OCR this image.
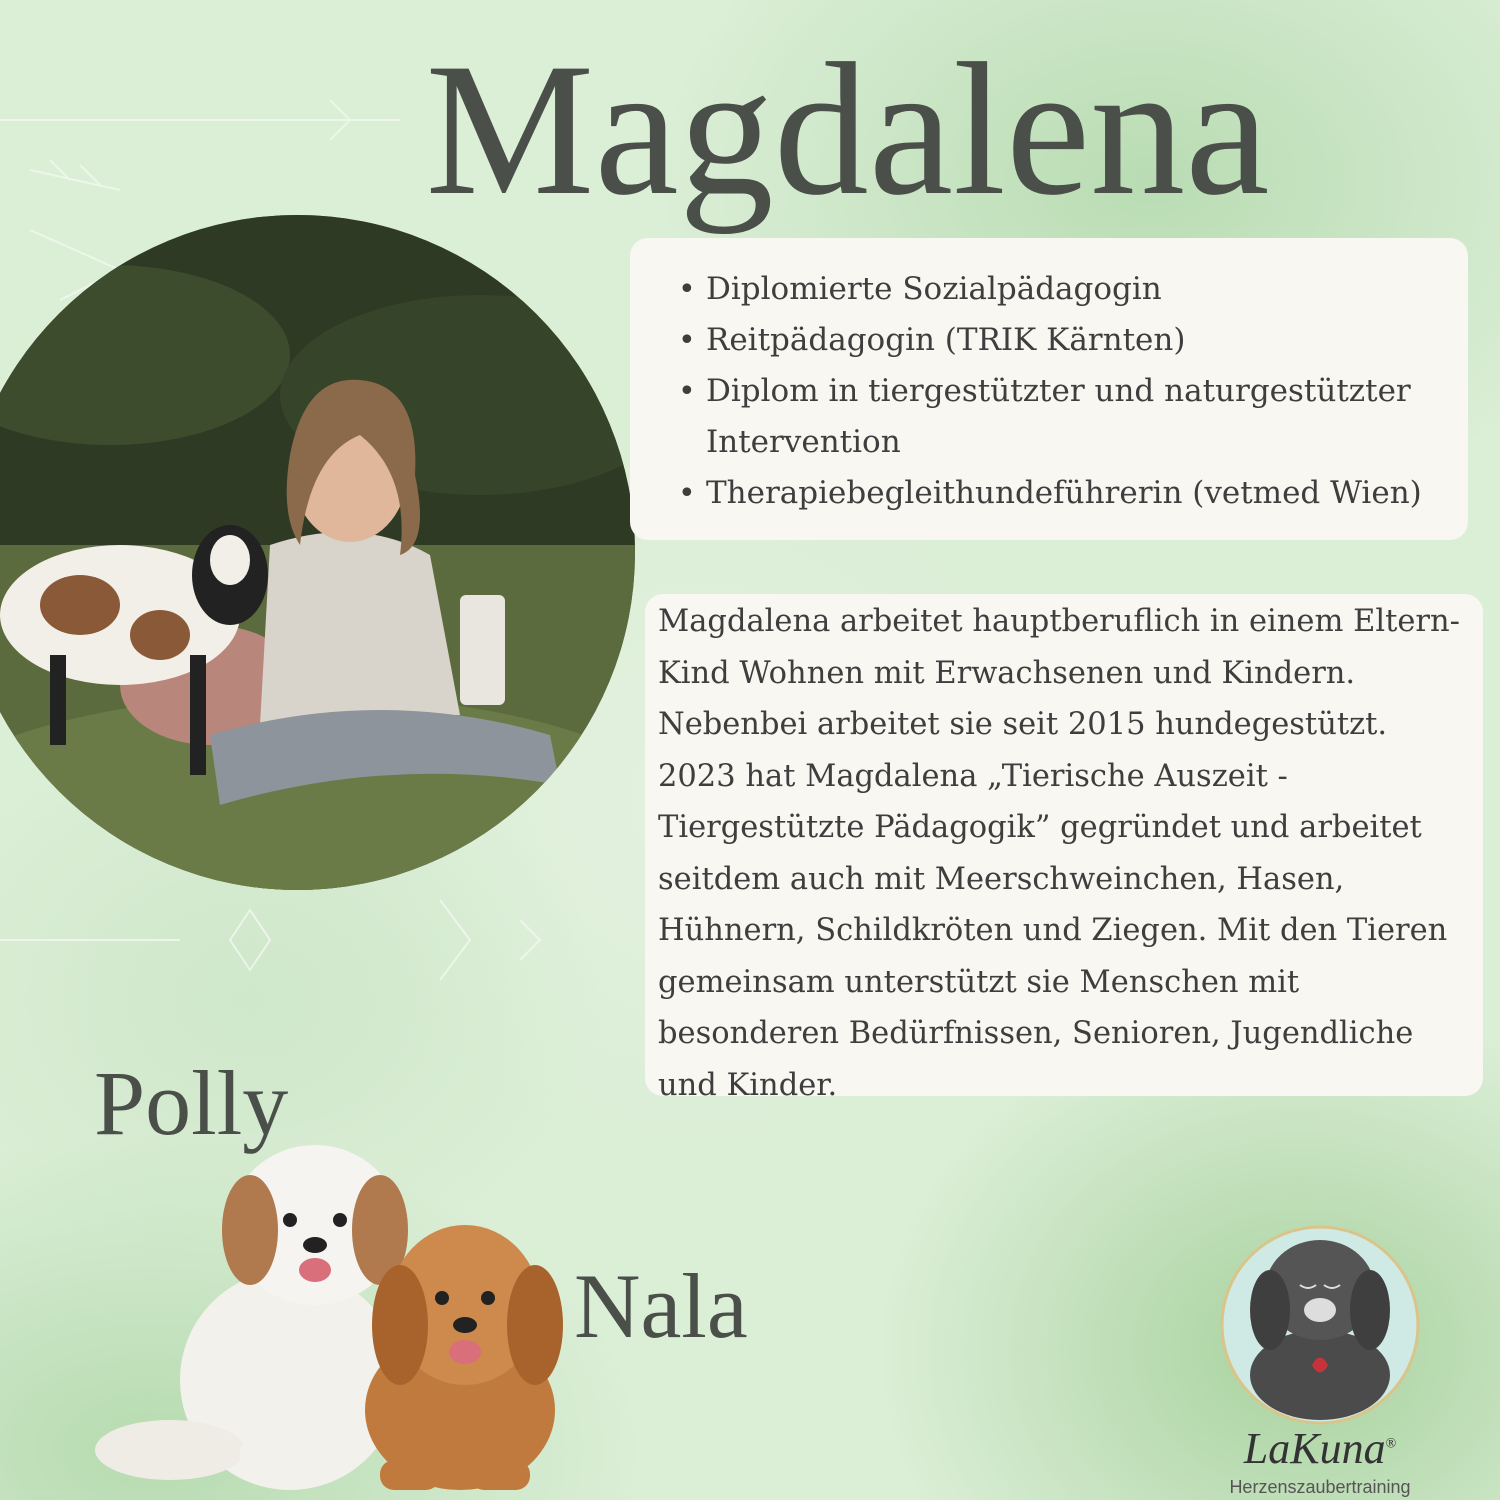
Magdalena
• Diplomierte Sozialpädagogin
• Reitpädagogin (TRIK Kärnten)
• Diplom in tiergestützter und naturgestützter Intervention
• Therapiebegleithundeführerin (vetmed Wien)

Magdalena arbeitet hauptberuflich in einem Eltern-Kind Wohnen mit Erwachsenen und Kindern. Nebenbei arbeitet sie seit 2015 hundegestützt. 2023 hat Magdalena „Tierische Auszeit - Tiergestützte Pädagogik” gegründet und arbeitet seitdem auch mit Meerschweinchen, Hasen, Hühnern, Schildkröten und Ziegen. Mit den Tieren gemeinsam unterstützt sie Menschen mit besonderen Bedürfnissen, Senioren, Jugendliche und Kinder.

Polly
Nala
LaKuna®
Herzenszaubertraining
